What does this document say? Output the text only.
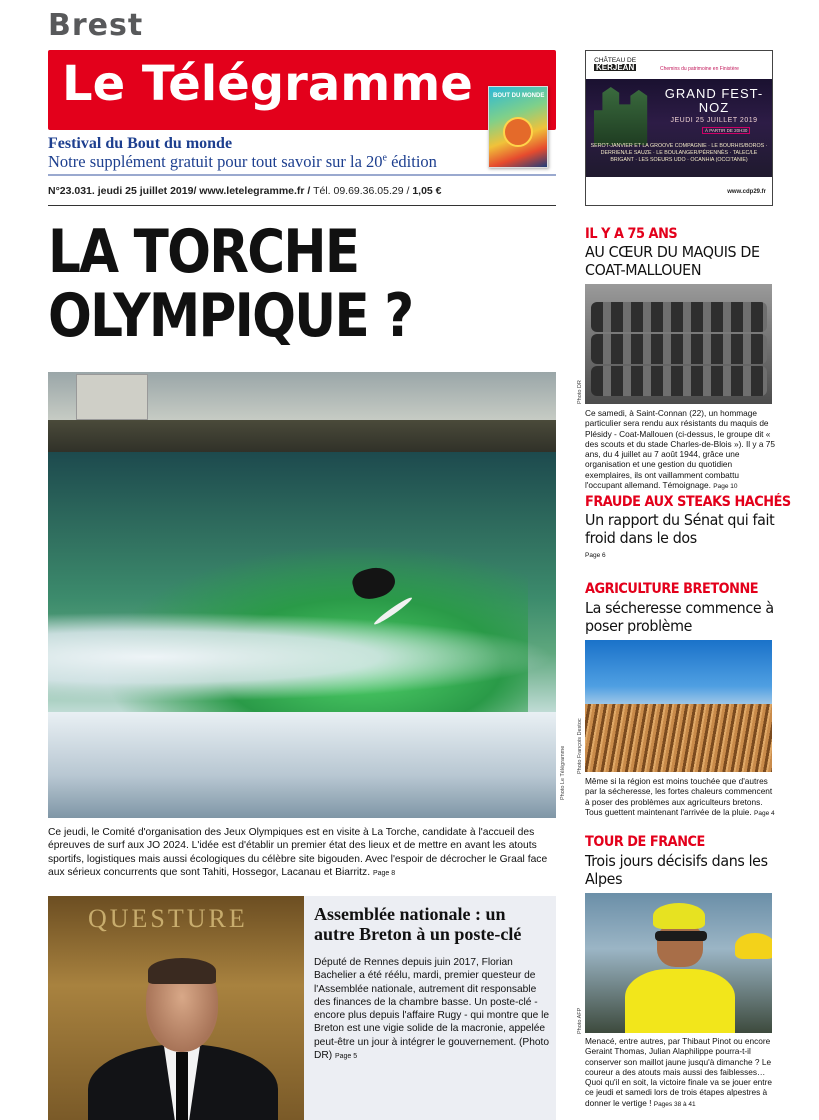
Brest
Le Télégramme	BOUT DU MONDE
Festival du Bout du monde
Notre supplément gratuit pour tout savoir sur la 20e édition
N°23.031. jeudi 25 juillet 2019/ www.letelegramme.fr / Tél. 09.69.36.05.29 / 1,05 €
CHÂTEAU DE
KERJEAN	Chemins du patrimoine en Finistère
GRAND FEST-NOZ
JEUDI 25 JUILLET 2019
À PARTIR DE 20H30
SEROT-JANVIER ET LA GROOVE COMPAGNIE · LE BOURHIS/BOROS · DERRIEN/LE SAUZE · LE BOULANGER/PÉRENNÈS · TALEC/LE BRIGANT · LES SOEURS UDO · OCANHIA (OCCITANIE)
www.cdp29.fr
LA TORCHE OLYMPIQUE ?
Photo Le Télégramme
Ce jeudi, le Comité d'organisation des Jeux Olympiques est en visite à La Torche, candidate à l'accueil des épreuves de surf aux JO 2024. L'idée est d'établir un premier état des lieux et de mettre en avant les atouts sportifs, logistiques mais aussi écologiques du célèbre site bigouden. Avec l'espoir de décrocher le Graal face aux sérieux concurrents que sont Tahiti, Hossegor, Lacanau et Biarritz. Page 8
QUESTURE	Assemblée nationale : un autre Breton à un poste-clé
Député de Rennes depuis juin 2017, Florian Bachelier a été réélu, mardi, premier questeur de l'Assemblée nationale, autrement dit responsable des finances de la chambre basse. Un poste-clé - encore plus depuis l'affaire Rugy - qui montre que le Breton est une vigie solide de la macronie, appelée peut-être un jour à intégrer le gouvernement. (Photo DR) Page 5
IL Y A 75 ANS
AU CŒUR DU MAQUIS DE COAT-MALLOUEN
Photo DR
Ce samedi, à Saint-Connan (22), un hommage particulier sera rendu aux résistants du maquis de Plésidy - Coat-Mallouen (ci-dessus, le groupe dit « des scouts et du stade Charles-de-Blois »). Il y a 75 ans, du 4 juillet au 7 août 1944, grâce une organisation et une gestion du quotidien exemplaires, ils ont vaillamment combattu l'occupant allemand. Témoignage. Page 10
FRAUDE AUX STEAKS HACHÉS
Un rapport du Sénat qui fait froid dans le dos
Page 6
AGRICULTURE BRETONNE
La sécheresse commence à poser problème
Photo François Destoc
Même si la région est moins touchée que d'autres par la sécheresse, les fortes chaleurs commencent à poser des problèmes aux agriculteurs bretons. Tous guettent maintenant l'arrivée de la pluie. Page 4
TOUR DE FRANCE
Trois jours décisifs dans les Alpes
Photo AFP
Menacé, entre autres, par Thibaut Pinot ou encore Geraint Thomas, Julian Alaphilippe pourra-t-il conserver son maillot jaune jusqu'à dimanche ? Le coureur a des atouts mais aussi des faiblesses… Quoi qu'il en soit, la victoire finale va se jouer entre ce jeudi et samedi lors de trois étapes alpestres à donner le vertige ! Pages 38 à 41
